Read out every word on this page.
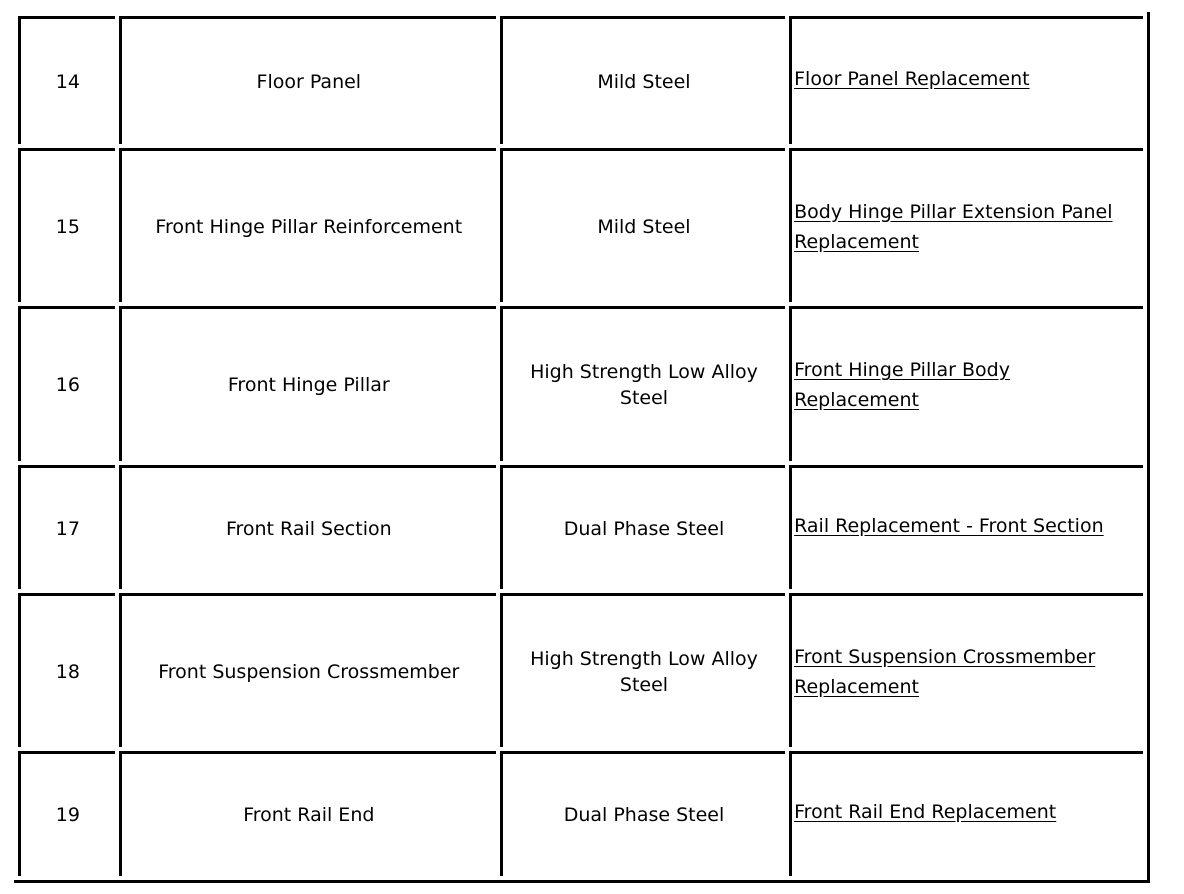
14	Floor Panel	Mild Steel	Floor Panel Replacement
15	Front Hinge Pillar Reinforcement	Mild Steel	Body Hinge Pillar Extension Panel Replacement
16	Front Hinge Pillar	High Strength Low Alloy Steel	Front Hinge Pillar Body Replacement
17	Front Rail Section	Dual Phase Steel	Rail Replacement - Front Section
18	Front Suspension Crossmember	High Strength Low Alloy Steel	Front Suspension Crossmember Replacement
19	Front Rail End	Dual Phase Steel	Front Rail End Replacement
